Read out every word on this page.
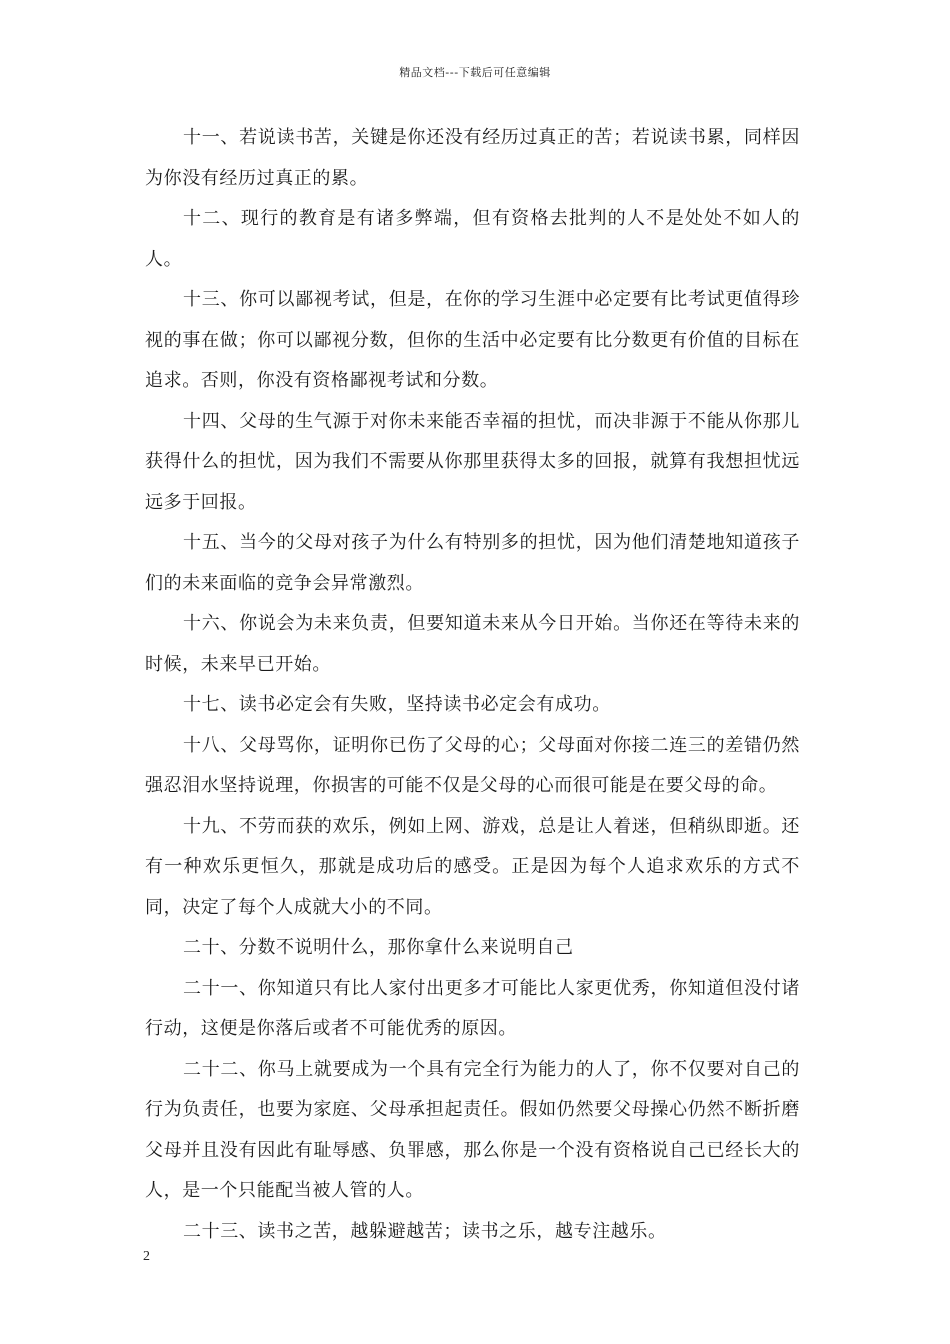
精品文档---下载后可任意编辑

十一、若说读书苦，关键是你还没有经历过真正的苦；若说读书累，同样因为你没有经历过真正的累。

十二、现行的教育是有诸多弊端，但有资格去批判的人不是处处不如人的人。

十三、你可以鄙视考试，但是，在你的学习生涯中必定要有比考试更值得珍视的事在做；你可以鄙视分数，但你的生活中必定要有比分数更有价值的目标在追求。否则，你没有资格鄙视考试和分数。

十四、父母的生气源于对你未来能否幸福的担忧，而决非源于不能从你那儿获得什么的担忧，因为我们不需要从你那里获得太多的回报，就算有我想担忧远远多于回报。

十五、当今的父母对孩子为什么有特别多的担忧，因为他们清楚地知道孩子们的未来面临的竞争会异常激烈。

十六、你说会为未来负责，但要知道未来从今日开始。当你还在等待未来的时候，未来早已开始。

十七、读书必定会有失败，坚持读书必定会有成功。

十八、父母骂你，证明你已伤了父母的心；父母面对你接二连三的差错仍然强忍泪水坚持说理，你损害的可能不仅是父母的心而很可能是在要父母的命。

十九、不劳而获的欢乐，例如上网、游戏，总是让人着迷，但稍纵即逝。还有一种欢乐更恒久，那就是成功后的感受。正是因为每个人追求欢乐的方式不同，决定了每个人成就大小的不同。

二十、分数不说明什么，那你拿什么来说明自己

二十一、你知道只有比人家付出更多才可能比人家更优秀，你知道但没付诸行动，这便是你落后或者不可能优秀的原因。

二十二、你马上就要成为一个具有完全行为能力的人了，你不仅要对自己的行为负责任，也要为家庭、父母承担起责任。假如仍然要父母操心仍然不断折磨父母并且没有因此有耻辱感、负罪感，那么你是一个没有资格说自己已经长大的人，是一个只能配当被人管的人。

二十三、读书之苦，越躲避越苦；读书之乐，越专注越乐。

2
